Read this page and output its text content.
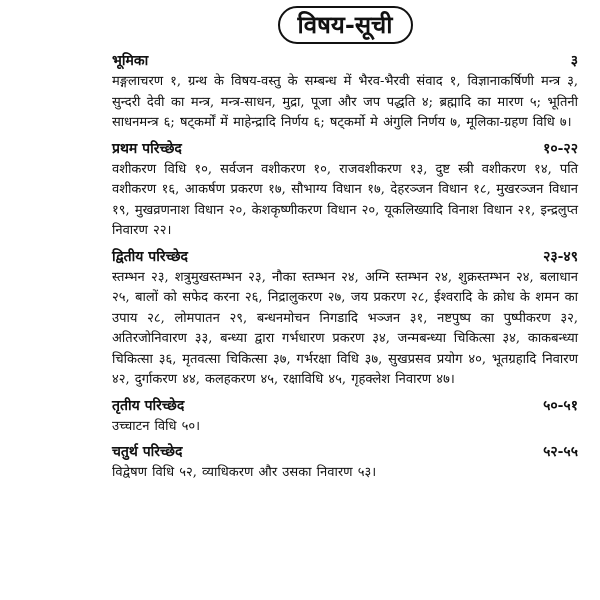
विषय-सूची
भूमिका	३
मङ्गलाचरण १, ग्रन्थ के विषय-वस्तु के सम्बन्ध में भैरव-भैरवी संवाद १, विज्ञानाकर्षिणी मन्त्र ३, सुन्दरी देवी का मन्त्र, मन्त्र-साधन, मुद्रा, पूजा और जप पद्धति ४; ब्रह्मादि का मारण ५; भूतिनी साधनमन्त्र ६; षट्कर्मों में माहेन्द्रादि निर्णय ६; षट्कर्मो मे अंगुलि निर्णय ७, मूलिका-ग्रहण विधि ७।
प्रथम परिच्छेद	१०-२२
वशीकरण विधि १०, सर्वजन वशीकरण १०, राजवशीकरण १३, दुष्ट स्त्री वशीकरण १४, पति वशीकरण १६, आकर्षण प्रकरण १७, सौभाग्य विधान १७, देहरञ्जन विधान १८, मुखरञ्जन विधान १९, मुखव्रणनाश विधान २०, केशकृष्णीकरण विधान २०, यूकलिख्यादि विनाश विधान २१, इन्द्रलुप्त निवारण २२।
द्वितीय परिच्छेद	२३-४९
स्तम्भन २३, शत्रुमुखस्तम्भन २३, नौका स्तम्भन २४, अग्नि स्तम्भन २४, शुक्रस्तम्भन २४, बलाधान २५, बालों को सफेद करना २६, निद्रालुकरण २७, जय प्रकरण २८, ईश्वरादि के क्रोध के शमन का उपाय २८, लोमपातन २९, बन्धनमोचन निगडादि भञ्जन ३१, नष्टपुष्प का पुष्पीकरण ३२, अतिरजोनिवारण ३३, बन्ध्या द्वारा गर्भधारण प्रकरण ३४, जन्मबन्ध्या चिकित्सा ३४, काकबन्ध्या चिकित्सा ३६, मृतवत्सा चिकित्सा ३७, गर्भरक्षा विधि ३७, सुखप्रसव प्रयोग ४०, भूतग्रहादि निवारण ४२, दुर्गाकरण ४४, कलहकरण ४५, रक्षाविधि ४५, गृहक्लेश निवारण ४७।
तृतीय परिच्छेद	५०-५१
उच्चाटन विधि ५०।
चतुर्थ परिच्छेद	५२-५५
विद्वेषण विधि ५२, व्याधिकरण और उसका निवारण ५३।
